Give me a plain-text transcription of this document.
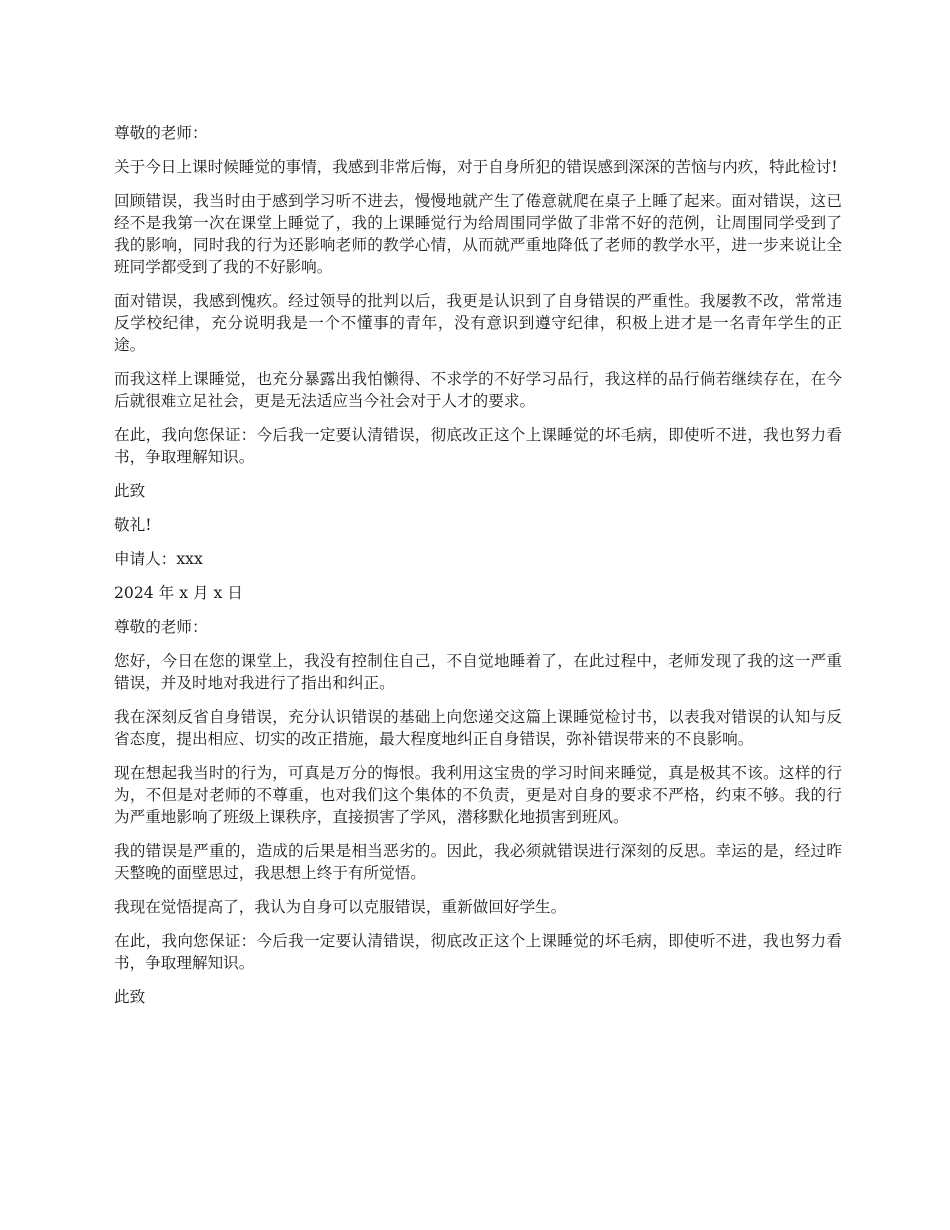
尊敬的老师：

关于今日上课时候睡觉的事情，我感到非常后悔，对于自身所犯的错误感到深深的苦恼与内疚，特此检讨!

回顾错误，我当时由于感到学习听不进去，慢慢地就产生了倦意就爬在桌子上睡了起来。面对错误，这已经不是我第一次在课堂上睡觉了，我的上课睡觉行为给周围同学做了非常不好的范例，让周围同学受到了我的影响，同时我的行为还影响老师的教学心情，从而就严重地降低了老师的教学水平，进一步来说让全班同学都受到了我的不好影响。

面对错误，我感到愧疚。经过领导的批判以后，我更是认识到了自身错误的严重性。我屡教不改，常常违反学校纪律，充分说明我是一个不懂事的青年，没有意识到遵守纪律，积极上进才是一名青年学生的正途。

而我这样上课睡觉，也充分暴露出我怕懒得、不求学的不好学习品行，我这样的品行倘若继续存在，在今后就很难立足社会，更是无法适应当今社会对于人才的要求。

在此，我向您保证：今后我一定要认清错误，彻底改正这个上课睡觉的坏毛病，即使听不进，我也努力看书，争取理解知识。

此致

敬礼!

申请人：xxx

2024 年 x 月 x 日

尊敬的老师：

您好，今日在您的课堂上，我没有控制住自己，不自觉地睡着了，在此过程中，老师发现了我的这一严重错误，并及时地对我进行了指出和纠正。

我在深刻反省自身错误，充分认识错误的基础上向您递交这篇上课睡觉检讨书，以表我对错误的认知与反省态度，提出相应、切实的改正措施，最大程度地纠正自身错误，弥补错误带来的不良影响。

现在想起我当时的行为，可真是万分的悔恨。我利用这宝贵的学习时间来睡觉，真是极其不该。这样的行为，不但是对老师的不尊重，也对我们这个集体的不负责，更是对自身的要求不严格，约束不够。我的行为严重地影响了班级上课秩序，直接损害了学风，潜移默化地损害到班风。

我的错误是严重的，造成的后果是相当恶劣的。因此，我必须就错误进行深刻的反思。幸运的是，经过昨天整晚的面壁思过，我思想上终于有所觉悟。

我现在觉悟提高了，我认为自身可以克服错误，重新做回好学生。

在此，我向您保证：今后我一定要认清错误，彻底改正这个上课睡觉的坏毛病，即使听不进，我也努力看书，争取理解知识。

此致
